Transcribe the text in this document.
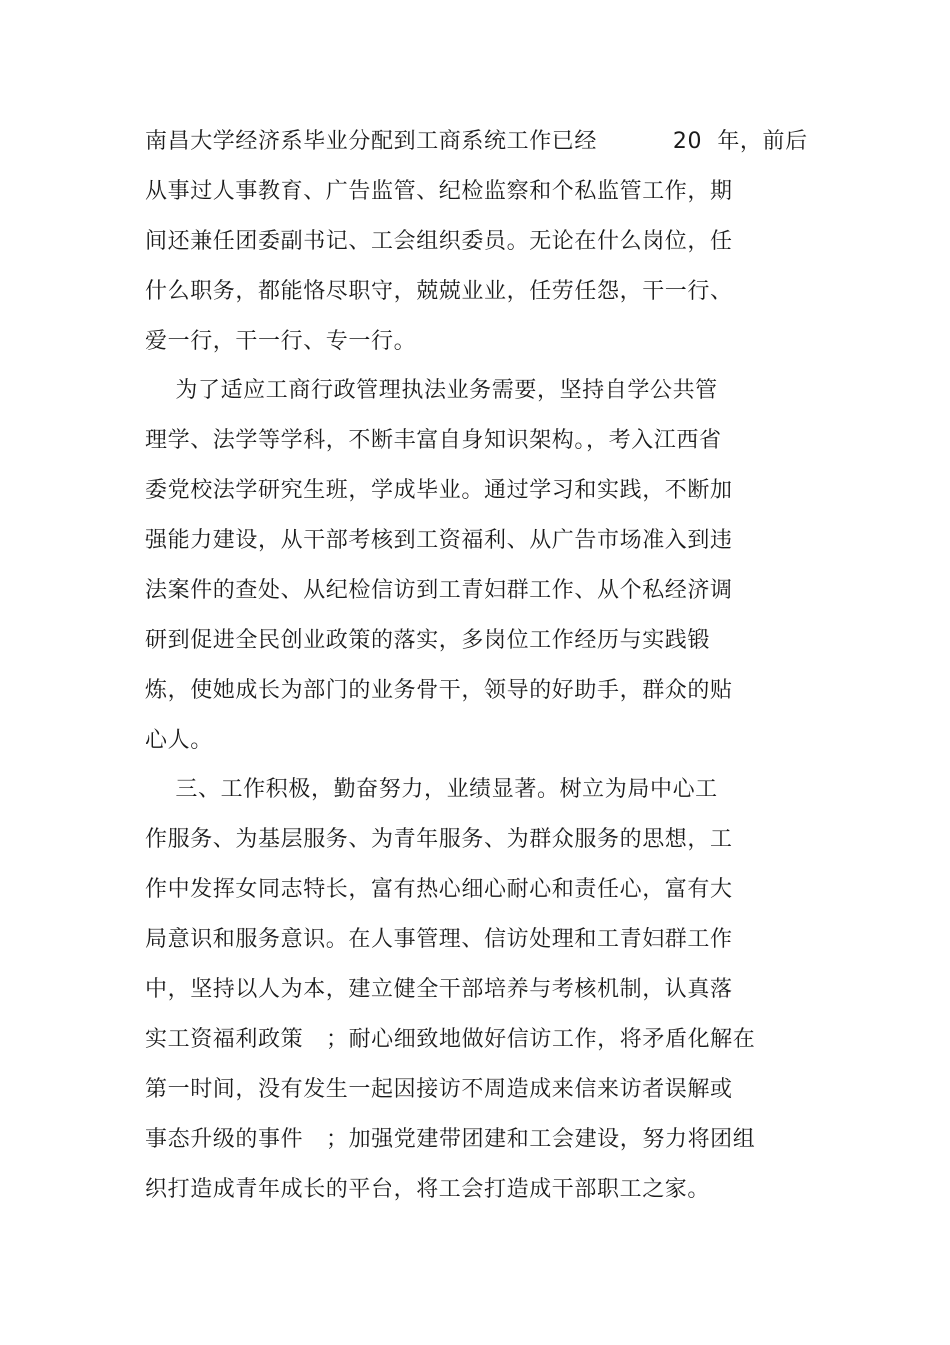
南昌大学经济系毕业分配到工商系统工作已经          20  年，前后
从事过人事教育、广告监管、纪检监察和个私监管工作，期
间还兼任团委副书记、工会组织委员。无论在什么岗位，任
什么职务，都能恪尽职守，兢兢业业，任劳任怨，干一行、
爱一行，干一行、专一行。
为了适应工商行政管理执法业务需要，坚持自学公共管
理学、法学等学科，不断丰富自身知识架构。，考入江西省
委党校法学研究生班，学成毕业。通过学习和实践，不断加
强能力建设，从干部考核到工资福利、从广告市场准入到违
法案件的查处、从纪检信访到工青妇群工作、从个私经济调
研到促进全民创业政策的落实，多岗位工作经历与实践锻
炼，使她成长为部门的业务骨干，领导的好助手，群众的贴
心人。
三、工作积极，勤奋努力，业绩显著。树立为局中心工
作服务、为基层服务、为青年服务、为群众服务的思想，工
作中发挥女同志特长，富有热心细心耐心和责任心，富有大
局意识和服务意识。在人事管理、信访处理和工青妇群工作
中，坚持以人为本，建立健全干部培养与考核机制，认真落
实工资福利政策   ；耐心细致地做好信访工作，将矛盾化解在
第一时间，没有发生一起因接访不周造成来信来访者误解或
事态升级的事件   ；加强党建带团建和工会建设，努力将团组
织打造成青年成长的平台，将工会打造成干部职工之家。
